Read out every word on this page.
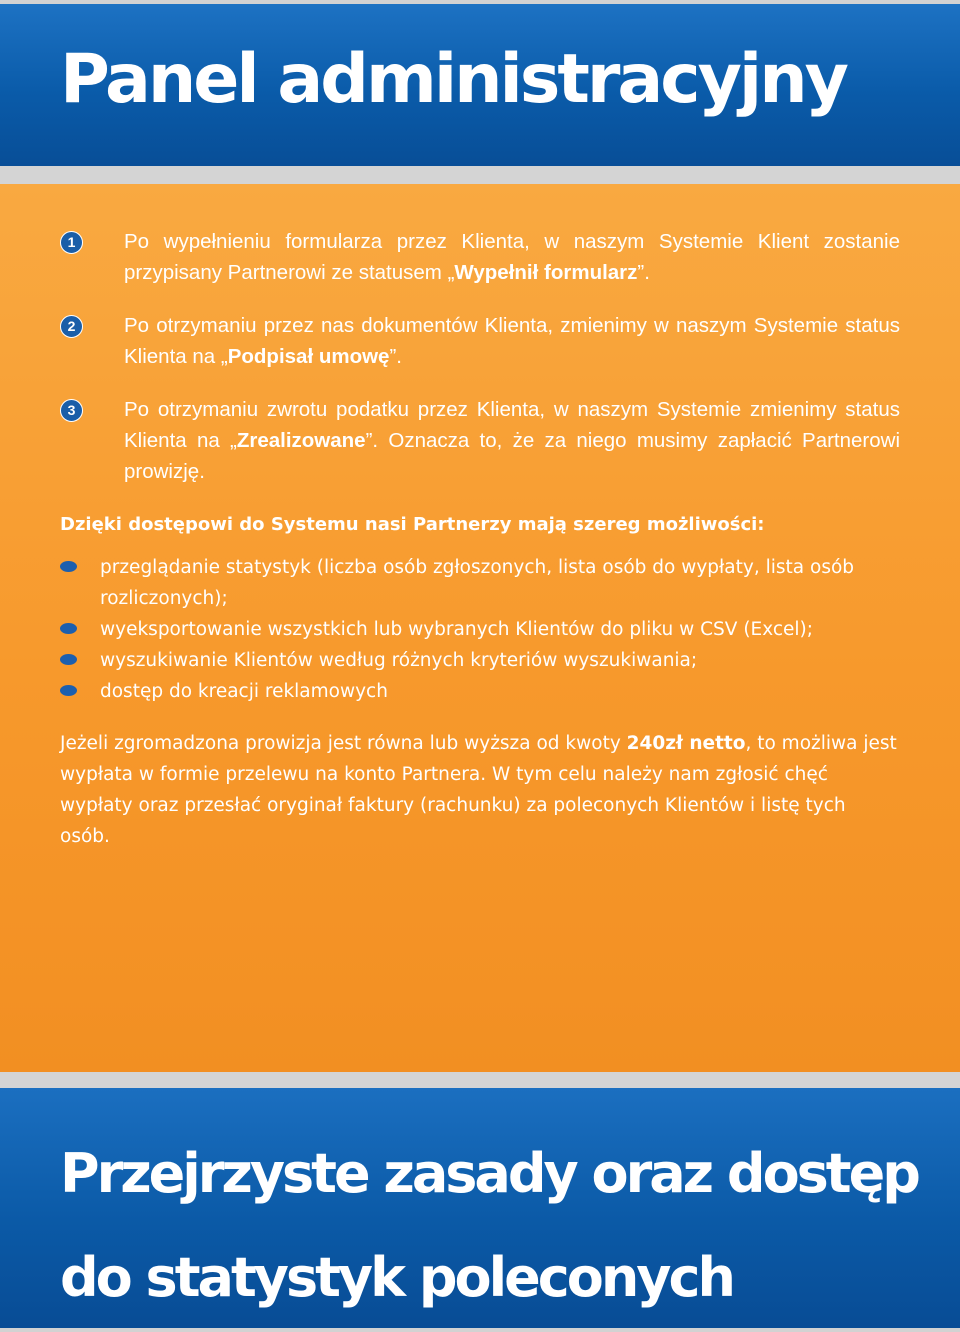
Panel administracyjny
1	Po wypełnieniu formularza przez Klienta, w naszym Systemie Klient zostanie przypisany Partnerowi ze statusem „Wypełnił formularz”.
2	Po otrzymaniu przez nas dokumentów Klienta, zmienimy w naszym Systemie status Klienta na „Podpisał umowę”.
3	Po otrzymaniu zwrotu podatku przez Klienta, w naszym Systemie zmienimy status Klienta na „Zrealizowane”. Oznacza to, że za niego musimy zapłacić Partnerowi prowizję.
Dzięki dostępowi do Systemu nasi Partnerzy mają szereg możliwości:
przeglądanie statystyk (liczba osób zgłoszonych, lista osób do wypłaty, lista osób rozliczonych);
wyeksportowanie wszystkich lub wybranych Klientów do pliku w CSV (Excel);
wyszukiwanie Klientów według różnych kryteriów wyszukiwania;
dostęp do kreacji reklamowych

Jeżeli zgromadzona prowizja jest równa lub wyższa od kwoty 240zł netto, to możliwa jest wypłata w formie przelewu na konto Partnera. W tym celu należy nam zgłosić chęć wypłaty oraz przesłać oryginał faktury (rachunku) za poleconych Klientów i listę tych osób.

Przejrzyste zasady oraz dostęp
do statystyk poleconych
